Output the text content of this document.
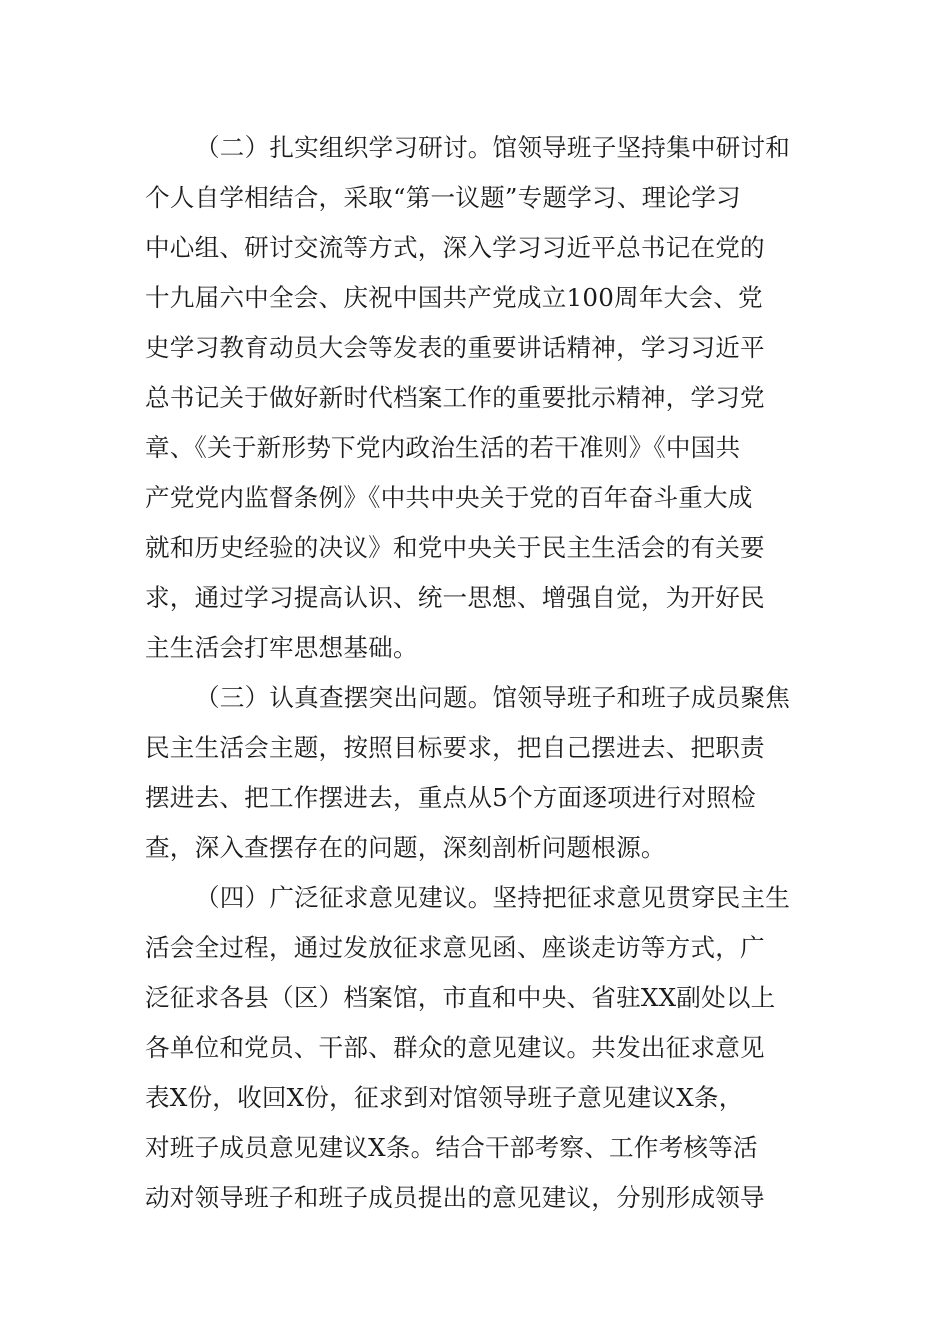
（二）扎实组织学习研讨。馆领导班子坚持集中研讨和
个人自学相结合，采取“第一议题”专题学习、理论学习
中心组、研讨交流等方式，深入学习习近平总书记在党的
十九届六中全会、庆祝中国共产党成立100周年大会、党
史学习教育动员大会等发表的重要讲话精神，学习习近平
总书记关于做好新时代档案工作的重要批示精神，学习党
章、《关于新形势下党内政治生活的若干准则》《中国共
产党党内监督条例》《中共中央关于党的百年奋斗重大成
就和历史经验的决议》和党中央关于民主生活会的有关要
求，通过学习提高认识、统一思想、增强自觉，为开好民
主生活会打牢思想基础。
（三）认真查摆突出问题。馆领导班子和班子成员聚焦
民主生活会主题，按照目标要求，把自己摆进去、把职责
摆进去、把工作摆进去，重点从5个方面逐项进行对照检
查，深入查摆存在的问题，深刻剖析问题根源。
（四）广泛征求意见建议。坚持把征求意见贯穿民主生
活会全过程，通过发放征求意见函、座谈走访等方式，广
泛征求各县（区）档案馆，市直和中央、省驻XX副处以上
各单位和党员、干部、群众的意见建议。共发出征求意见
表X份，收回X份，征求到对馆领导班子意见建议X条，
对班子成员意见建议X条。结合干部考察、工作考核等活
动对领导班子和班子成员提出的意见建议，分别形成领导
